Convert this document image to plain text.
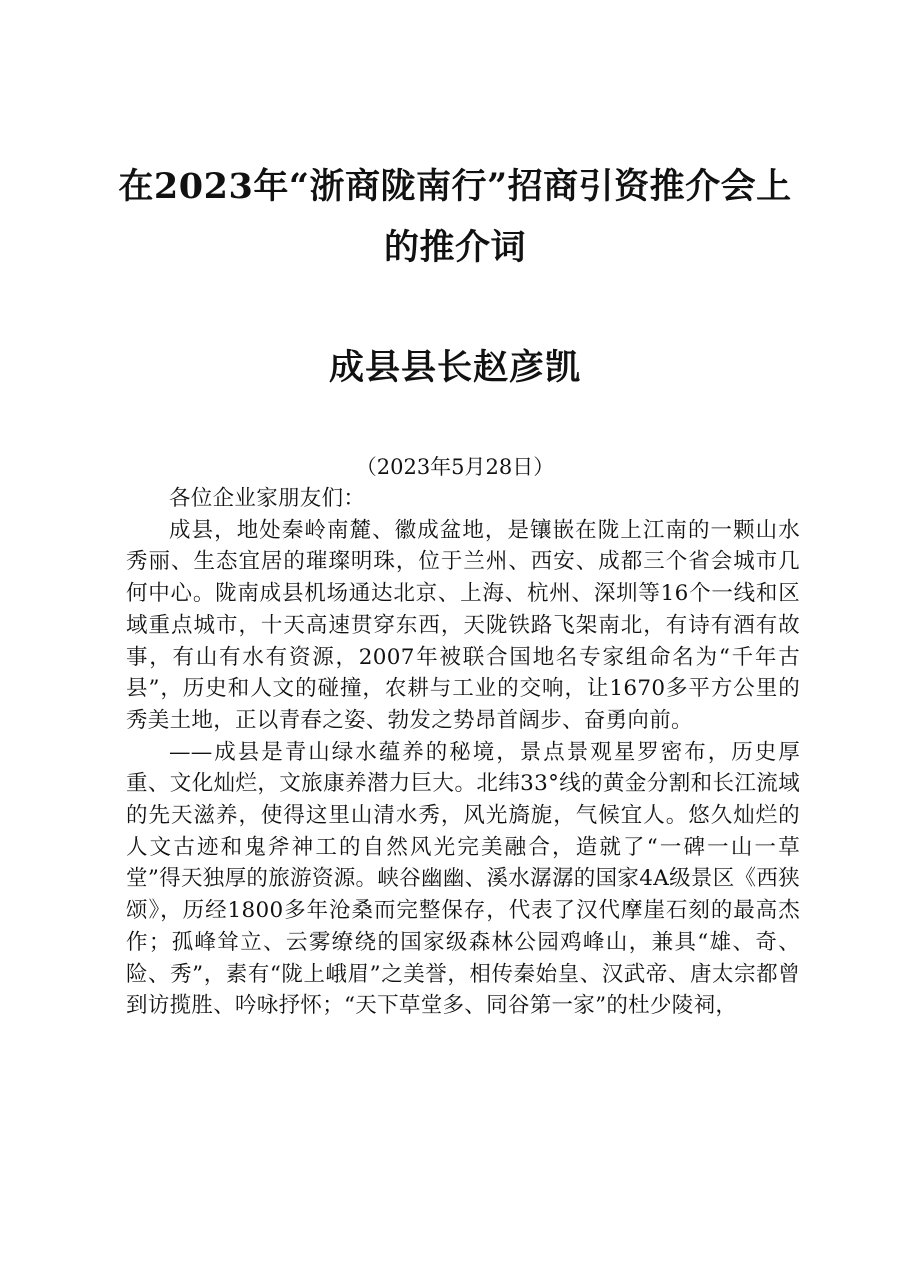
在2023年“浙商陇南行”招商引资推介会上
的推介词
成县县长赵彦凯
（2023年5月28日）

各位企业家朋友们：

成县，地处秦岭南麓、徽成盆地，是镶嵌在陇上江南的一颗山水秀丽、生态宜居的璀璨明珠，位于兰州、西安、成都三个省会城市几何中心。陇南成县机场通达北京、上海、杭州、深圳等16个一线和区域重点城市，十天高速贯穿东西，天陇铁路飞架南北，有诗有酒有故事，有山有水有资源，2007年被联合国地名专家组命名为“千年古县”，历史和人文的碰撞，农耕与工业的交响，让1670多平方公里的秀美土地，正以青春之姿、勃发之势昂首阔步、奋勇向前。

——成县是青山绿水蕴养的秘境，景点景观星罗密布，历史厚重、文化灿烂，文旅康养潜力巨大。北纬33°线的黄金分割和长江流域的先天滋养，使得这里山清水秀，风光旖旎，气候宜人。悠久灿烂的人文古迹和鬼斧神工的自然风光完美融合，造就了“一碑一山一草堂”得天独厚的旅游资源。峡谷幽幽、溪水潺潺的国家4A级景区《西狭颂》，历经1800多年沧桑而完整保存，代表了汉代摩崖石刻的最高杰作；孤峰耸立、云雾缭绕的国家级森林公园鸡峰山，兼具“雄、奇、险、秀”，素有“陇上峨眉”之美誉，相传秦始皇、汉武帝、唐太宗都曾到访揽胜、吟咏抒怀；“天下草堂多、同谷第一家”的杜少陵祠，
